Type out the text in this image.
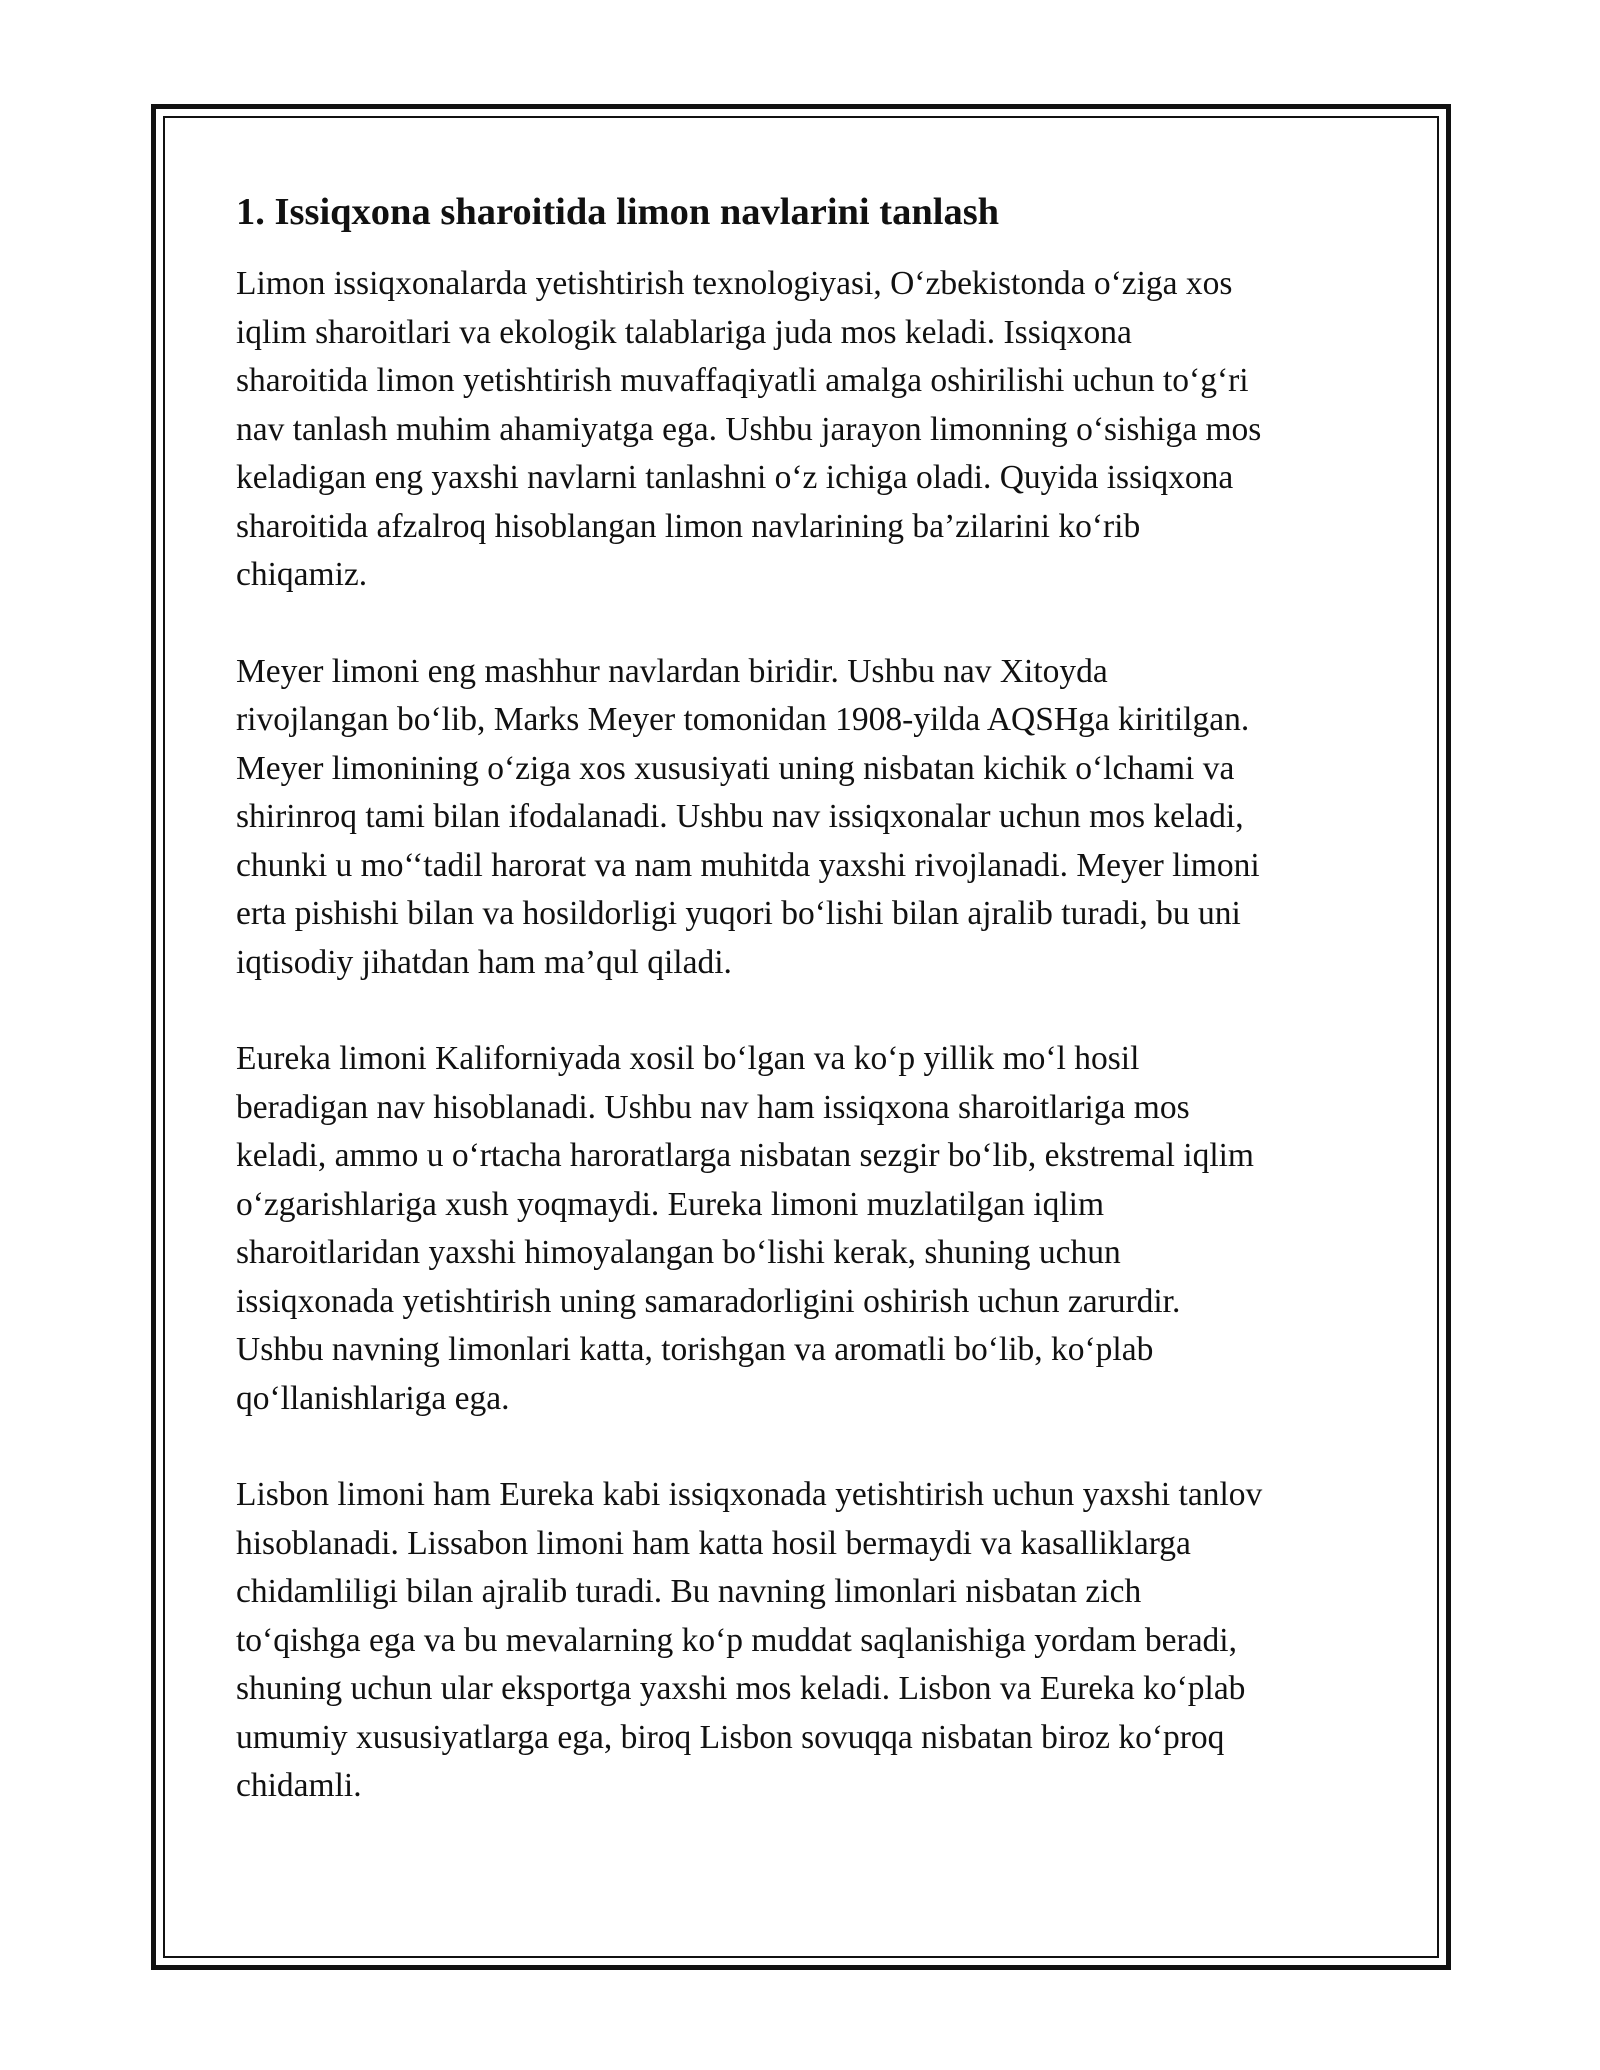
1. Issiqxona sharoitida limon navlarini tanlash

Limon issiqxonalarda yetishtirish texnologiyasi, O‘zbekistonda o‘ziga xos
iqlim sharoitlari va ekologik talablariga juda mos keladi. Issiqxona
sharoitida limon yetishtirish muvaffaqiyatli amalga oshirilishi uchun to‘g‘ri
nav tanlash muhim ahamiyatga ega. Ushbu jarayon limonning o‘sishiga mos
keladigan eng yaxshi navlarni tanlashni o‘z ichiga oladi. Quyida issiqxona
sharoitida afzalroq hisoblangan limon navlarining ba’zilarini ko‘rib
chiqamiz.

Meyer limoni eng mashhur navlardan biridir. Ushbu nav Xitoyda
rivojlangan bo‘lib, Marks Meyer tomonidan 1908-yilda AQSHga kiritilgan.
Meyer limonining o‘ziga xos xususiyati uning nisbatan kichik o‘lchami va
shirinroq tami bilan ifodalanadi. Ushbu nav issiqxonalar uchun mos keladi,
chunki u mo‘‘tadil harorat va nam muhitda yaxshi rivojlanadi. Meyer limoni
erta pishishi bilan va hosildorligi yuqori bo‘lishi bilan ajralib turadi, bu uni
iqtisodiy jihatdan ham ma’qul qiladi.

Eureka limoni Kaliforniyada xosil bo‘lgan va ko‘p yillik mo‘l hosil
beradigan nav hisoblanadi. Ushbu nav ham issiqxona sharoitlariga mos
keladi, ammo u o‘rtacha haroratlarga nisbatan sezgir bo‘lib, ekstremal iqlim
o‘zgarishlariga xush yoqmaydi. Eureka limoni muzlatilgan iqlim
sharoitlaridan yaxshi himoyalangan bo‘lishi kerak, shuning uchun
issiqxonada yetishtirish uning samaradorligini oshirish uchun zarurdir.
Ushbu navning limonlari katta, torishgan va aromatli bo‘lib, ko‘plab
qo‘llanishlariga ega.

Lisbon limoni ham Eureka kabi issiqxonada yetishtirish uchun yaxshi tanlov
hisoblanadi. Lissabon limoni ham katta hosil bermaydi va kasalliklarga
chidamliligi bilan ajralib turadi. Bu navning limonlari nisbatan zich
to‘qishga ega va bu mevalarning ko‘p muddat saqlanishiga yordam beradi,
shuning uchun ular eksportga yaxshi mos keladi. Lisbon va Eureka ko‘plab
umumiy xususiyatlarga ega, biroq Lisbon sovuqqa nisbatan biroz ko‘proq
chidamli.
